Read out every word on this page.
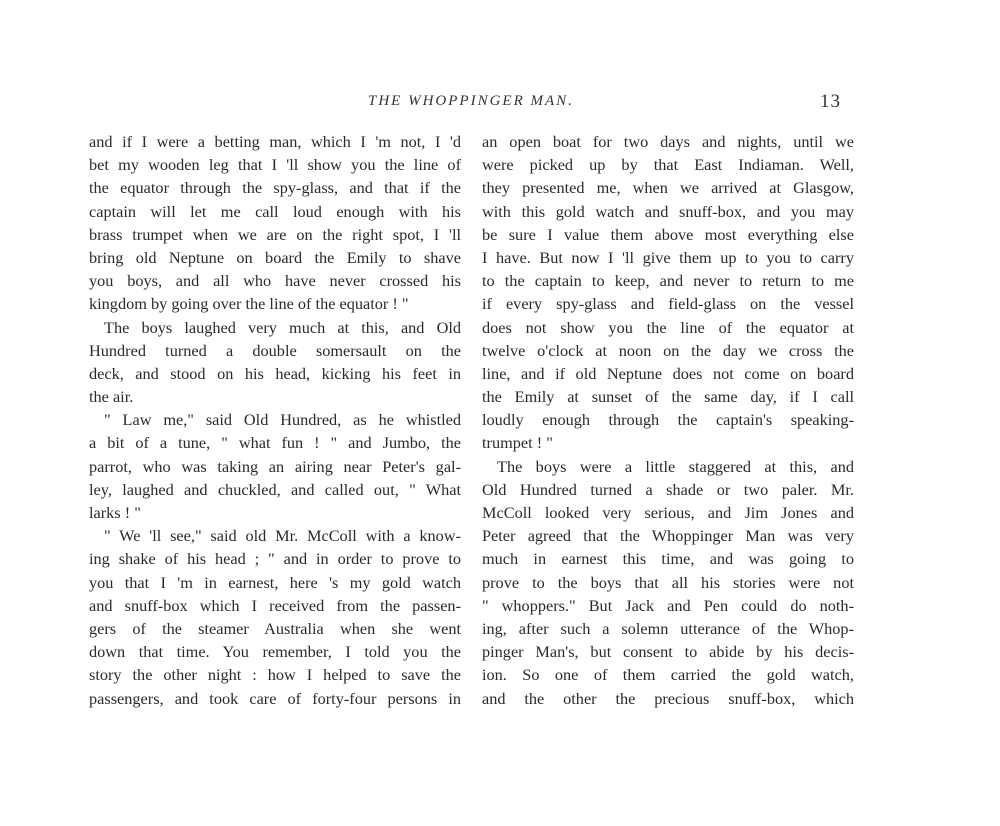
THE WHOPPINGER MAN.	13
and if I were a betting man, which I 'm not, I 'd
bet my wooden leg that I 'll show you the line of
the equator through the spy-glass, and that if the
captain will let me call loud enough with his
brass trumpet when we are on the right spot, I 'll
bring old Neptune on board the Emily to shave
you boys, and all who have never crossed his
kingdom by going over the line of the equator ! "
The boys laughed very much at this, and Old
Hundred turned a double somersault on the
deck, and stood on his head, kicking his feet in
the air.
" Law me," said Old Hundred, as he whistled
a bit of a tune, " what fun ! " and Jumbo, the
parrot, who was taking an airing near Peter's gal-
ley, laughed and chuckled, and called out, " What
larks ! "
" We 'll see," said old Mr. McColl with a know-
ing shake of his head ; " and in order to prove to
you that I 'm in earnest, here 's my gold watch
and snuff-box which I received from the passen-
gers of the steamer Australia when she went
down that time. You remember, I told you the
story the other night : how I helped to save the
passengers, and took care of forty-four persons in
an open boat for two days and nights, until we
were picked up by that East Indiaman. Well,
they presented me, when we arrived at Glasgow,
with this gold watch and snuff-box, and you may
be sure I value them above most everything else
I have. But now I 'll give them up to you to carry
to the captain to keep, and never to return to me
if every spy-glass and field-glass on the vessel
does not show you the line of the equator at
twelve o'clock at noon on the day we cross the
line, and if old Neptune does not come on board
the Emily at sunset of the same day, if I call
loudly enough through the captain's speaking-
trumpet ! "
The boys were a little staggered at this, and
Old Hundred turned a shade or two paler. Mr.
McColl looked very serious, and Jim Jones and
Peter agreed that the Whoppinger Man was very
much in earnest this time, and was going to
prove to the boys that all his stories were not
" whoppers." But Jack and Pen could do noth-
ing, after such a solemn utterance of the Whop-
pinger Man's, but consent to abide by his decis-
ion. So one of them carried the gold watch,
and the other the precious snuff-box, which
